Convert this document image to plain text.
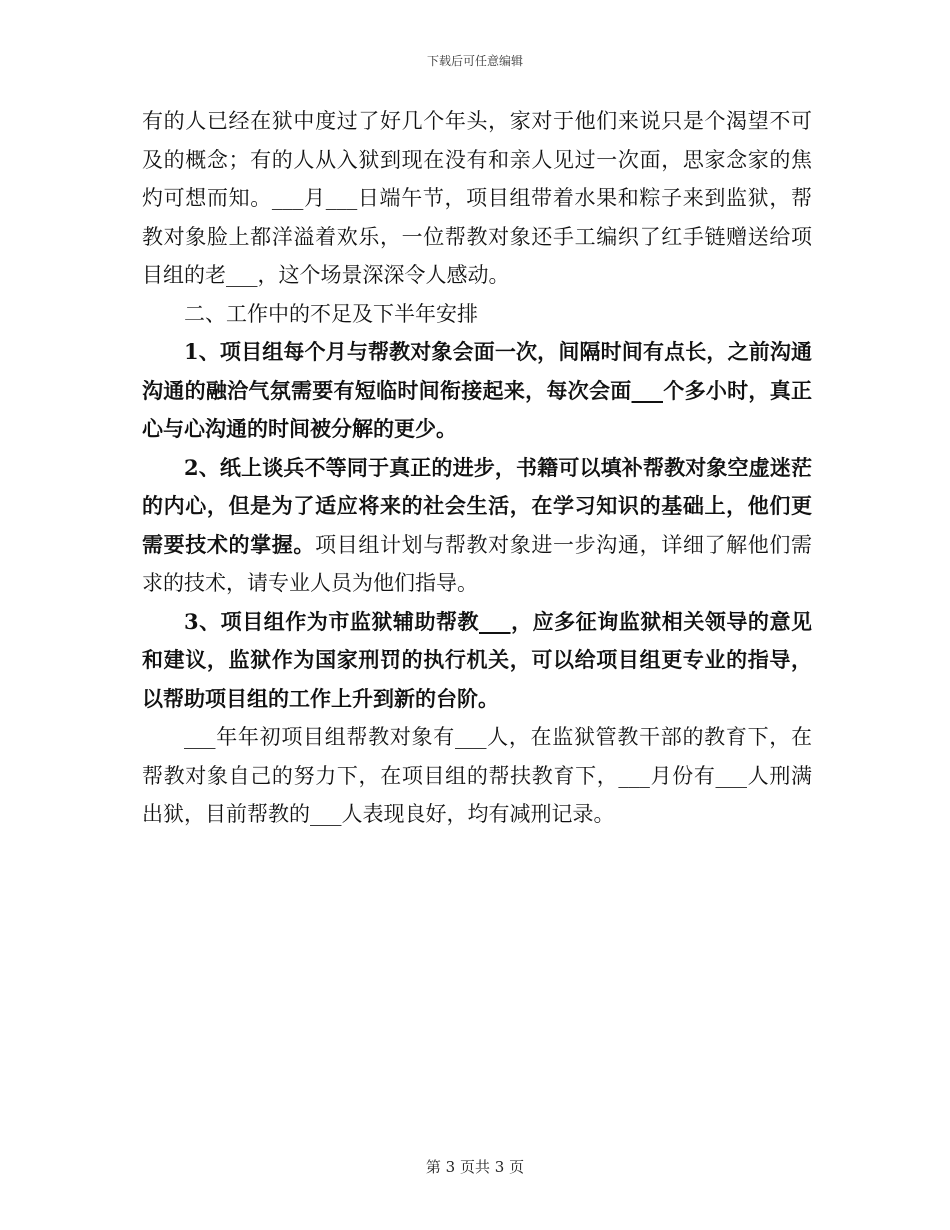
下载后可任意编辑

有的人已经在狱中度过了好几个年头，家对于他们来说只是个渴望不可及的概念；有的人从入狱到现在没有和亲人见过一次面，思家念家的焦灼可想而知。___月___日端午节，项目组带着水果和粽子来到监狱，帮教对象脸上都洋溢着欢乐，一位帮教对象还手工编织了红手链赠送给项目组的老___，这个场景深深令人感动。

二、工作中的不足及下半年安排

1、项目组每个月与帮教对象会面一次，间隔时间有点长，之前沟通沟通的融洽气氛需要有短临时间衔接起来，每次会面___个多小时，真正心与心沟通的时间被分解的更少。

2、纸上谈兵不等同于真正的进步，书籍可以填补帮教对象空虚迷茫的内心，但是为了适应将来的社会生活，在学习知识的基础上，他们更需要技术的掌握。项目组计划与帮教对象进一步沟通，详细了解他们需求的技术，请专业人员为他们指导。

3、项目组作为市监狱辅助帮教___，应多征询监狱相关领导的意见和建议，监狱作为国家刑罚的执行机关，可以给项目组更专业的指导，以帮助项目组的工作上升到新的台阶。

___年年初项目组帮教对象有___人，在监狱管教干部的教育下，在帮教对象自己的努力下，在项目组的帮扶教育下，___月份有___人刑满出狱，目前帮教的___人表现良好，均有减刑记录。

第 3 页共 3 页
